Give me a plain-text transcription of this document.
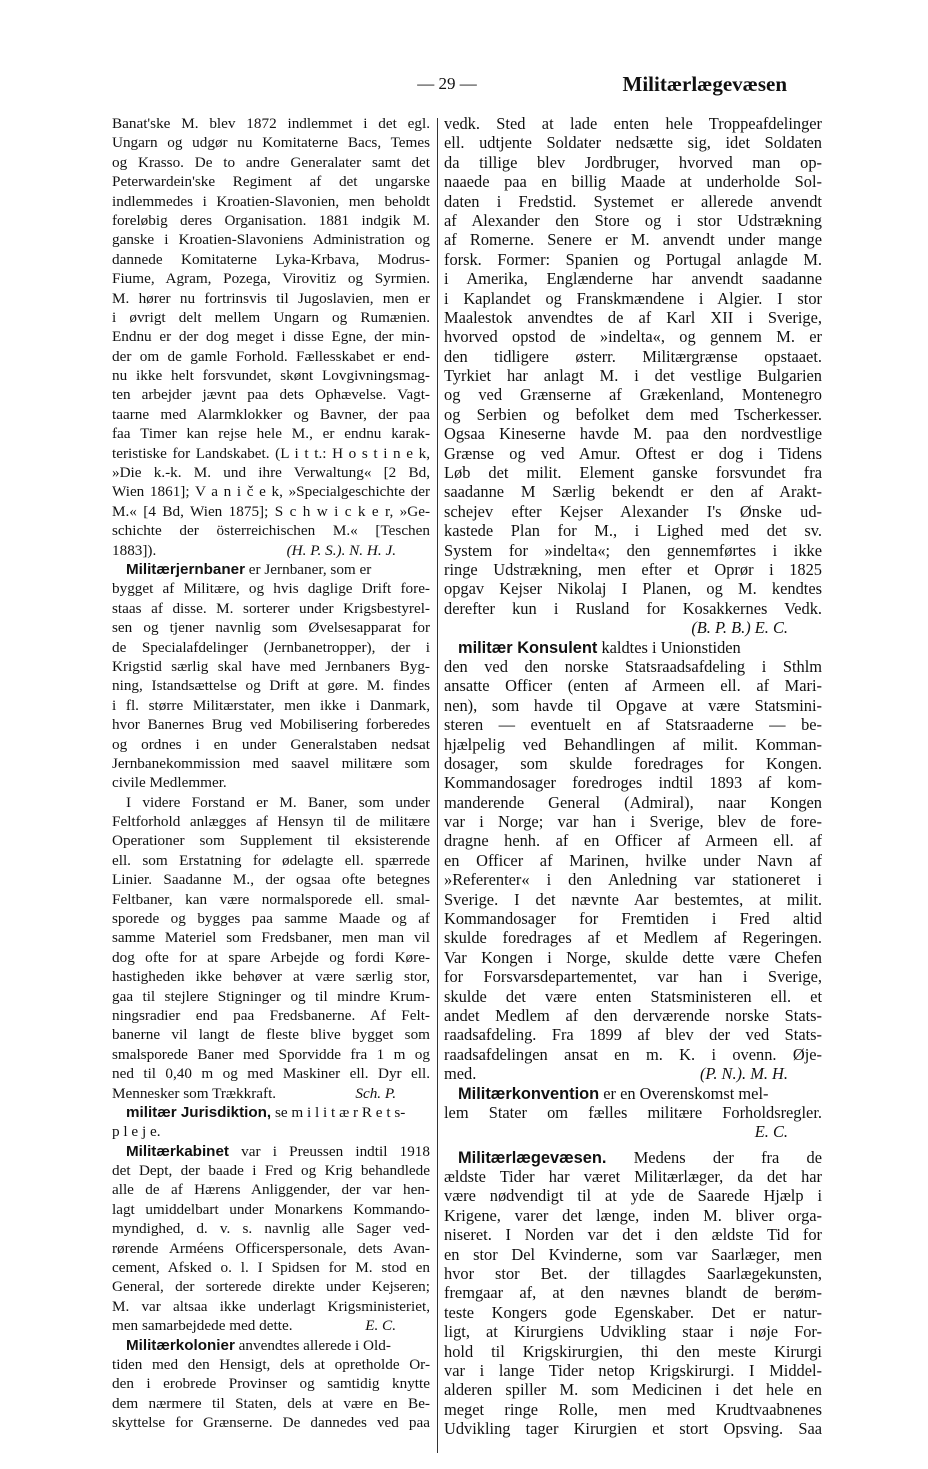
— 29 —	Militærlægevæsen
Banat'ske M. blev 1872 indlemmet i det egl.
Ungarn og udgør nu Komitaterne Bacs, Temes
og Krasso. De to andre Generalater samt det
Peterwardein'ske Regiment af det ungarske
indlemmedes i Kroatien-Slavonien, men beholdt
foreløbig deres Organisation. 1881 indgik M.
ganske i Kroatien-Slavoniens Administration og
dannede Komitaterne Lyka-Krbava, Modrus-
Fiume, Agram, Pozega, Virovitiz og Syrmien.
M. hører nu fortrinsvis til Jugoslavien, men er
i øvrigt delt mellem Ungarn og Rumænien.
Endnu er der dog meget i disse Egne, der min-
der om de gamle Forhold. Fællesskabet er end-
nu ikke helt forsvundet, skønt Lovgivningsmag-
ten arbejder jævnt paa dets Ophævelse. Vagt-
taarne med Alarmklokker og Bavner, der paa
faa Timer kan rejse hele M., er endnu karak-
teristiske for Landskabet. (L i t t.: H o s t i n e k,
»Die k.-k. M. und ihre Verwaltung« [2 Bd,
Wien 1861]; V a n i č e k, »Specialgeschichte der
M.« [4 Bd, Wien 1875]; S c h w i c k e r, »Ge-
schichte der österreichischen M.« [Teschen
(H. P. S.). N. H. J.
1883]).
Militærjernbaner er Jernbaner, som er
bygget af Militære, og hvis daglige Drift fore-
staas af disse. M. sorterer under Krigsbestyrel-
sen og tjener navnlig som Øvelsesapparat for
de Specialafdelinger (Jernbanetropper), der i
Krigstid særlig skal have med Jernbaners Byg-
ning, Istandsættelse og Drift at gøre. M. findes
i fl. større Militærstater, men ikke i Danmark,
hvor Banernes Brug ved Mobilisering forberedes
og ordnes i en under Generalstaben nedsat
Jernbanekommission med saavel militære som
civile Medlemmer.
I videre Forstand er M. Baner, som under
Feltforhold anlægges af Hensyn til de militære
Operationer som Supplement til eksisterende
ell. som Erstatning for ødelagte ell. spærrede
Linier. Saadanne M., der ogsaa ofte betegnes
Feltbaner, kan være normalsporede ell. smal-
sporede og bygges paa samme Maade og af
samme Materiel som Fredsbaner, men man vil
dog ofte for at spare Arbejde og fordi Køre-
hastigheden ikke behøver at være særlig stor,
gaa til stejlere Stigninger og til mindre Krum-
ningsradier end paa Fredsbanerne. Af Felt-
banerne vil langt de fleste blive bygget som
smalsporede Baner med Sporvidde fra 1 m og
ned til 0,40 m og med Maskiner ell. Dyr ell.
Sch. P.
Mennesker som Trækkraft.
militær Jurisdiktion, se m i l i t æ r R e t s-
p l e j e.
Militærkabinet var i Preussen indtil 1918
det Dept, der baade i Fred og Krig behandlede
alle de af Hærens Anliggender, der var hen-
lagt umiddelbart under Monarkens Kommando-
myndighed, d. v. s. navnlig alle Sager ved-
rørende Arméens Officerspersonale, dets Avan-
cement, Afsked o. l. I Spidsen for M. stod en
General, der sorterede direkte under Kejseren;
M. var altsaa ikke underlagt Krigsministeriet,
E. C.
men samarbejdede med dette.
Militærkolonier anvendtes allerede i Old-
tiden med den Hensigt, dels at opretholde Or-
den i erobrede Provinser og samtidig knytte
dem nærmere til Staten, dels at være en Be-
skyttelse for Grænserne. De dannedes ved paa
vedk. Sted at lade enten hele Troppeafdelinger
ell. udtjente Soldater nedsætte sig, idet Soldaten
da tillige blev Jordbruger, hvorved man op-
naaede paa en billig Maade at underholde Sol-
daten i Fredstid. Systemet er allerede anvendt
af Alexander den Store og i stor Udstrækning
af Romerne. Senere er M. anvendt under mange
forsk. Former: Spanien og Portugal anlagde M.
i Amerika, Englænderne har anvendt saadanne
i Kaplandet og Franskmændene i Algier. I stor
Maalestok anvendtes de af Karl XII i Sverige,
hvorved opstod de »indelta«, og gennem M. er
den tidligere østerr. Militærgrænse opstaaet.
Tyrkiet har anlagt M. i det vestlige Bulgarien
og ved Grænserne af Grækenland, Montenegro
og Serbien og befolket dem med Tscherkesser.
Ogsaa Kineserne havde M. paa den nordvestlige
Grænse og ved Amur. Oftest er dog i Tidens
Løb det milit. Element ganske forsvundet fra
saadanne M Særlig bekendt er den af Arakt-
schejev efter Kejser Alexander I's Ønske ud-
kastede Plan for M., i Lighed med det sv.
System for »indelta«; den gennemførtes i ikke
ringe Udstrækning, men efter et Oprør i 1825
opgav Kejser Nikolaj I Planen, og M. kendtes
derefter kun i Rusland for Kosakkernes Vedk.
(B. P. B.) E. C.
militær Konsulent kaldtes i Unionstiden
den ved den norske Statsraadsafdeling i Sthlm
ansatte Officer (enten af Armeen ell. af Mari-
nen), som havde til Opgave at være Statsmini-
steren — eventuelt en af Statsraaderne — be-
hjælpelig ved Behandlingen af milit. Komman-
dosager, som skulde foredrages for Kongen.
Kommandosager foredroges indtil 1893 af kom-
manderende General (Admiral), naar Kongen
var i Norge; var han i Sverige, blev de fore-
dragne henh. af en Officer af Armeen ell. af
en Officer af Marinen, hvilke under Navn af
»Referenter« i den Anledning var stationeret i
Sverige. I det nævnte Aar bestemtes, at milit.
Kommandosager for Fremtiden i Fred altid
skulde foredrages af et Medlem af Regeringen.
Var Kongen i Norge, skulde dette være Chefen
for Forsvarsdepartementet, var han i Sverige,
skulde det være enten Statsministeren ell. et
andet Medlem af den derværende norske Stats-
raadsafdeling. Fra 1899 af blev der ved Stats-
raadsafdelingen ansat en m. K. i ovenn. Øje-
(P. N.). M. H.
med.
Militærkonvention er en Overenskomst mel-
lem Stater om fælles militære Forholdsregler.
E. C.
Militærlægevæsen. Medens der fra de
ældste Tider har været Militærlæger, da det har
være nødvendigt til at yde de Saarede Hjælp i
Krigene, varer det længe, inden M. bliver orga-
niseret. I Norden var det i den ældste Tid for
en stor Del Kvinderne, som var Saarlæger, men
hvor stor Bet. der tillagdes Saarlægekunsten,
fremgaar af, at den nævnes blandt de berøm-
teste Kongers gode Egenskaber. Det er natur-
ligt, at Kirurgiens Udvikling staar i nøje For-
hold til Krigskirurgien, thi den meste Kirurgi
var i lange Tider netop Krigskirurgi. I Middel-
alderen spiller M. som Medicinen i det hele en
meget ringe Rolle, men med Krudtvaabnenes
Udvikling tager Kirurgien et stort Opsving. Saa
